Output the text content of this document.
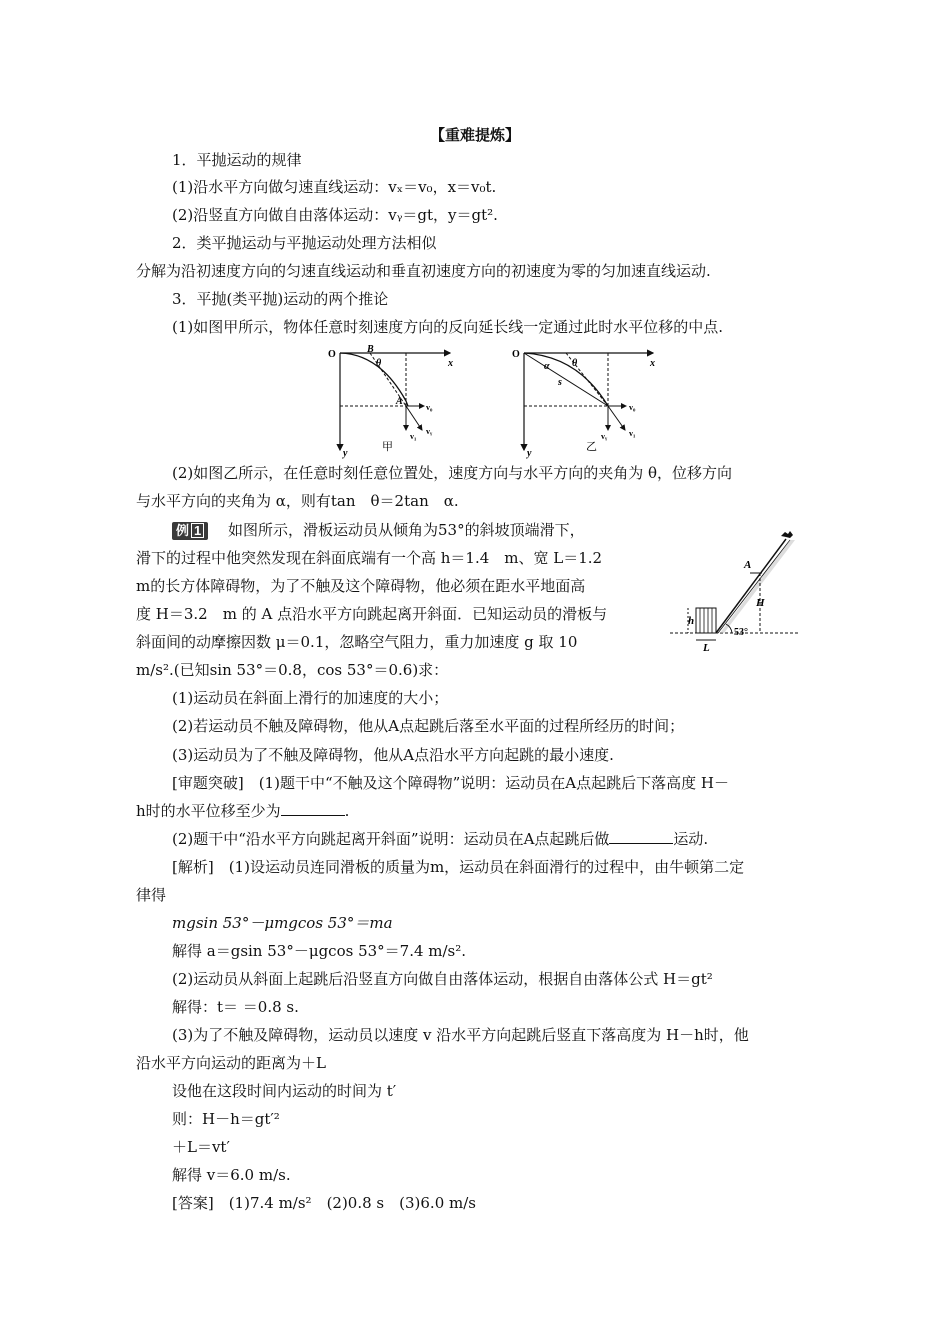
【重难提炼】
1．平抛运动的规律
(1)沿水平方向做匀速直线运动：vₓ＝v₀，x＝v₀t.
(2)沿竖直方向做自由落体运动：vᵧ＝gt，y＝gt².
2．类平抛运动与平抛运动处理方法相似
分解为沿初速度方向的匀速直线运动和垂直初速度方向的初速度为零的匀加速直线运动.
3．平抛(类平抛)运动的两个推论
(1)如图甲所示，物体任意时刻速度方向的反向延长线一定通过此时水平位移的中点.
O	B
x
y
θ
A
v₀
vᵧ
v₁
甲
O
x
y
α θ
s
v₀
vᵧ	v₁
乙
(2)如图乙所示，在任意时刻任意位置处，速度方向与水平方向的夹角为 θ，位移方向
与水平方向的夹角为 α，则有tan　θ＝2tan　α.
例 1	如图所示，滑板运动员从倾角为53°的斜坡顶端滑下，
滑下的过程中他突然发现在斜面底端有一个高 h＝1.4　m、宽 L＝1.2
m的长方体障碍物，为了不触及这个障碍物，他必须在距水平地面高
度 H＝3.2　m 的 A 点沿水平方向跳起离开斜面．已知运动员的滑板与
斜面间的动摩擦因数 μ＝0.1，忽略空气阻力，重力加速度 g 取 10
m/s².(已知sin 53°＝0.8，cos 53°＝0.6)求：
A
H
h
L
53°
(1)运动员在斜面上滑行的加速度的大小；
(2)若运动员不触及障碍物，他从A点起跳后落至水平面的过程所经历的时间；
(3)运动员为了不触及障碍物，他从A点沿水平方向起跳的最小速度.
[审题突破]　(1)题干中“不触及这个障碍物”说明：运动员在A点起跳后下落高度 H－
h时的水平位移至少为	.
(2)题干中“沿水平方向跳起离开斜面”说明：运动员在A点起跳后做	运动.
[解析]　(1)设运动员连同滑板的质量为m，运动员在斜面滑行的过程中，由牛顿第二定
律得
mgsin 53°－μmgcos 53°＝ma
解得 a＝gsin 53°－μgcos 53°＝7.4 m/s².
(2)运动员从斜面上起跳后沿竖直方向做自由落体运动，根据自由落体公式 H＝gt²
解得：t＝ ＝0.8 s.
(3)为了不触及障碍物，运动员以速度 v 沿水平方向起跳后竖直下落高度为 H－h时，他
沿水平方向运动的距离为＋L
设他在这段时间内运动的时间为 t′
则：H－h＝gt′²
＋L＝vt′
解得 v＝6.0 m/s.
[答案]　(1)7.4 m/s²　(2)0.8 s　(3)6.0 m/s
